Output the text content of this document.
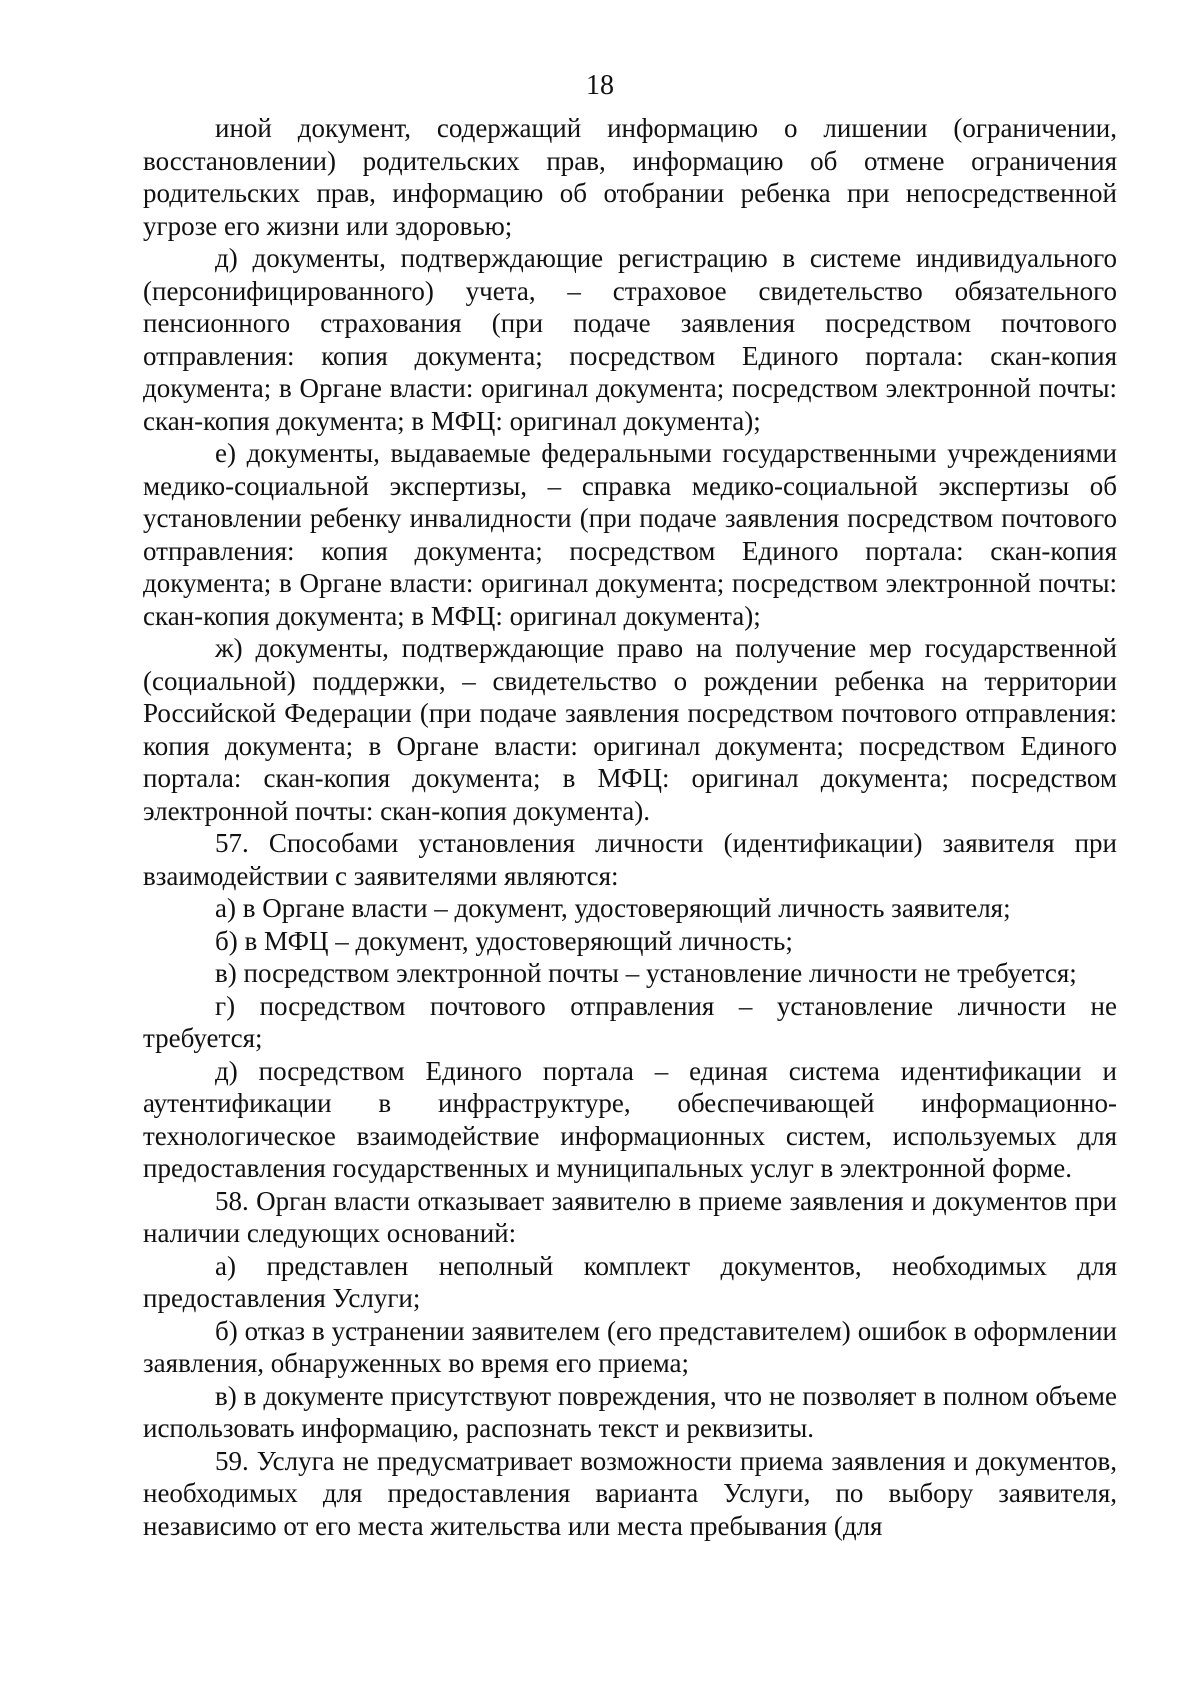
18

иной документ, содержащий информацию о лишении (ограничении, восстановлении) родительских прав, информацию об отмене ограничения родительских прав, информацию об отобрании ребенка при непосредственной угрозе его жизни или здоровью;

д) документы, подтверждающие регистрацию в системе индивидуального (персонифицированного) учета, – страховое свидетельство обязательного пенсионного страхования (при подаче заявления посредством почтового отправления: копия документа; посредством Единого портала: скан-копия документа; в Органе власти: оригинал документа; посредством электронной почты: скан-копия документа; в МФЦ: оригинал документа);

е) документы, выдаваемые федеральными государственными учреждениями медико-социальной экспертизы, – справка медико-социальной экспертизы об установлении ребенку инвалидности (при подаче заявления посредством почтового отправления: копия документа; посредством Единого портала: скан-копия документа; в Органе власти: оригинал документа; посредством электронной почты: скан-копия документа; в МФЦ: оригинал документа);

ж) документы, подтверждающие право на получение мер государственной (социальной) поддержки, – свидетельство о рождении ребенка на территории Российской Федерации (при подаче заявления посредством почтового отправления: копия документа; в Органе власти: оригинал документа; посредством Единого портала: скан-копия документа; в МФЦ: оригинал документа; посредством электронной почты: скан-копия документа).

57. Способами установления личности (идентификации) заявителя при взаимодействии с заявителями являются:

а) в Органе власти – документ, удостоверяющий личность заявителя;

б) в МФЦ – документ, удостоверяющий личность;

в) посредством электронной почты – установление личности не требуется;

г) посредством почтового отправления – установление личности не требуется;

д) посредством Единого портала – единая система идентификации и аутентификации в инфраструктуре, обеспечивающей информационно-технологическое взаимодействие информационных систем, используемых для предоставления государственных и муниципальных услуг в электронной форме.

58. Орган власти отказывает заявителю в приеме заявления и документов при наличии следующих оснований:

а) представлен неполный комплект документов, необходимых для предоставления Услуги;

б) отказ в устранении заявителем (его представителем) ошибок в оформлении заявления, обнаруженных во время его приема;

в) в документе присутствуют повреждения, что не позволяет в полном объеме использовать информацию, распознать текст и реквизиты.

59. Услуга не предусматривает возможности приема заявления и документов, необходимых для предоставления варианта Услуги, по выбору заявителя, независимо от его места жительства или места пребывания (для
